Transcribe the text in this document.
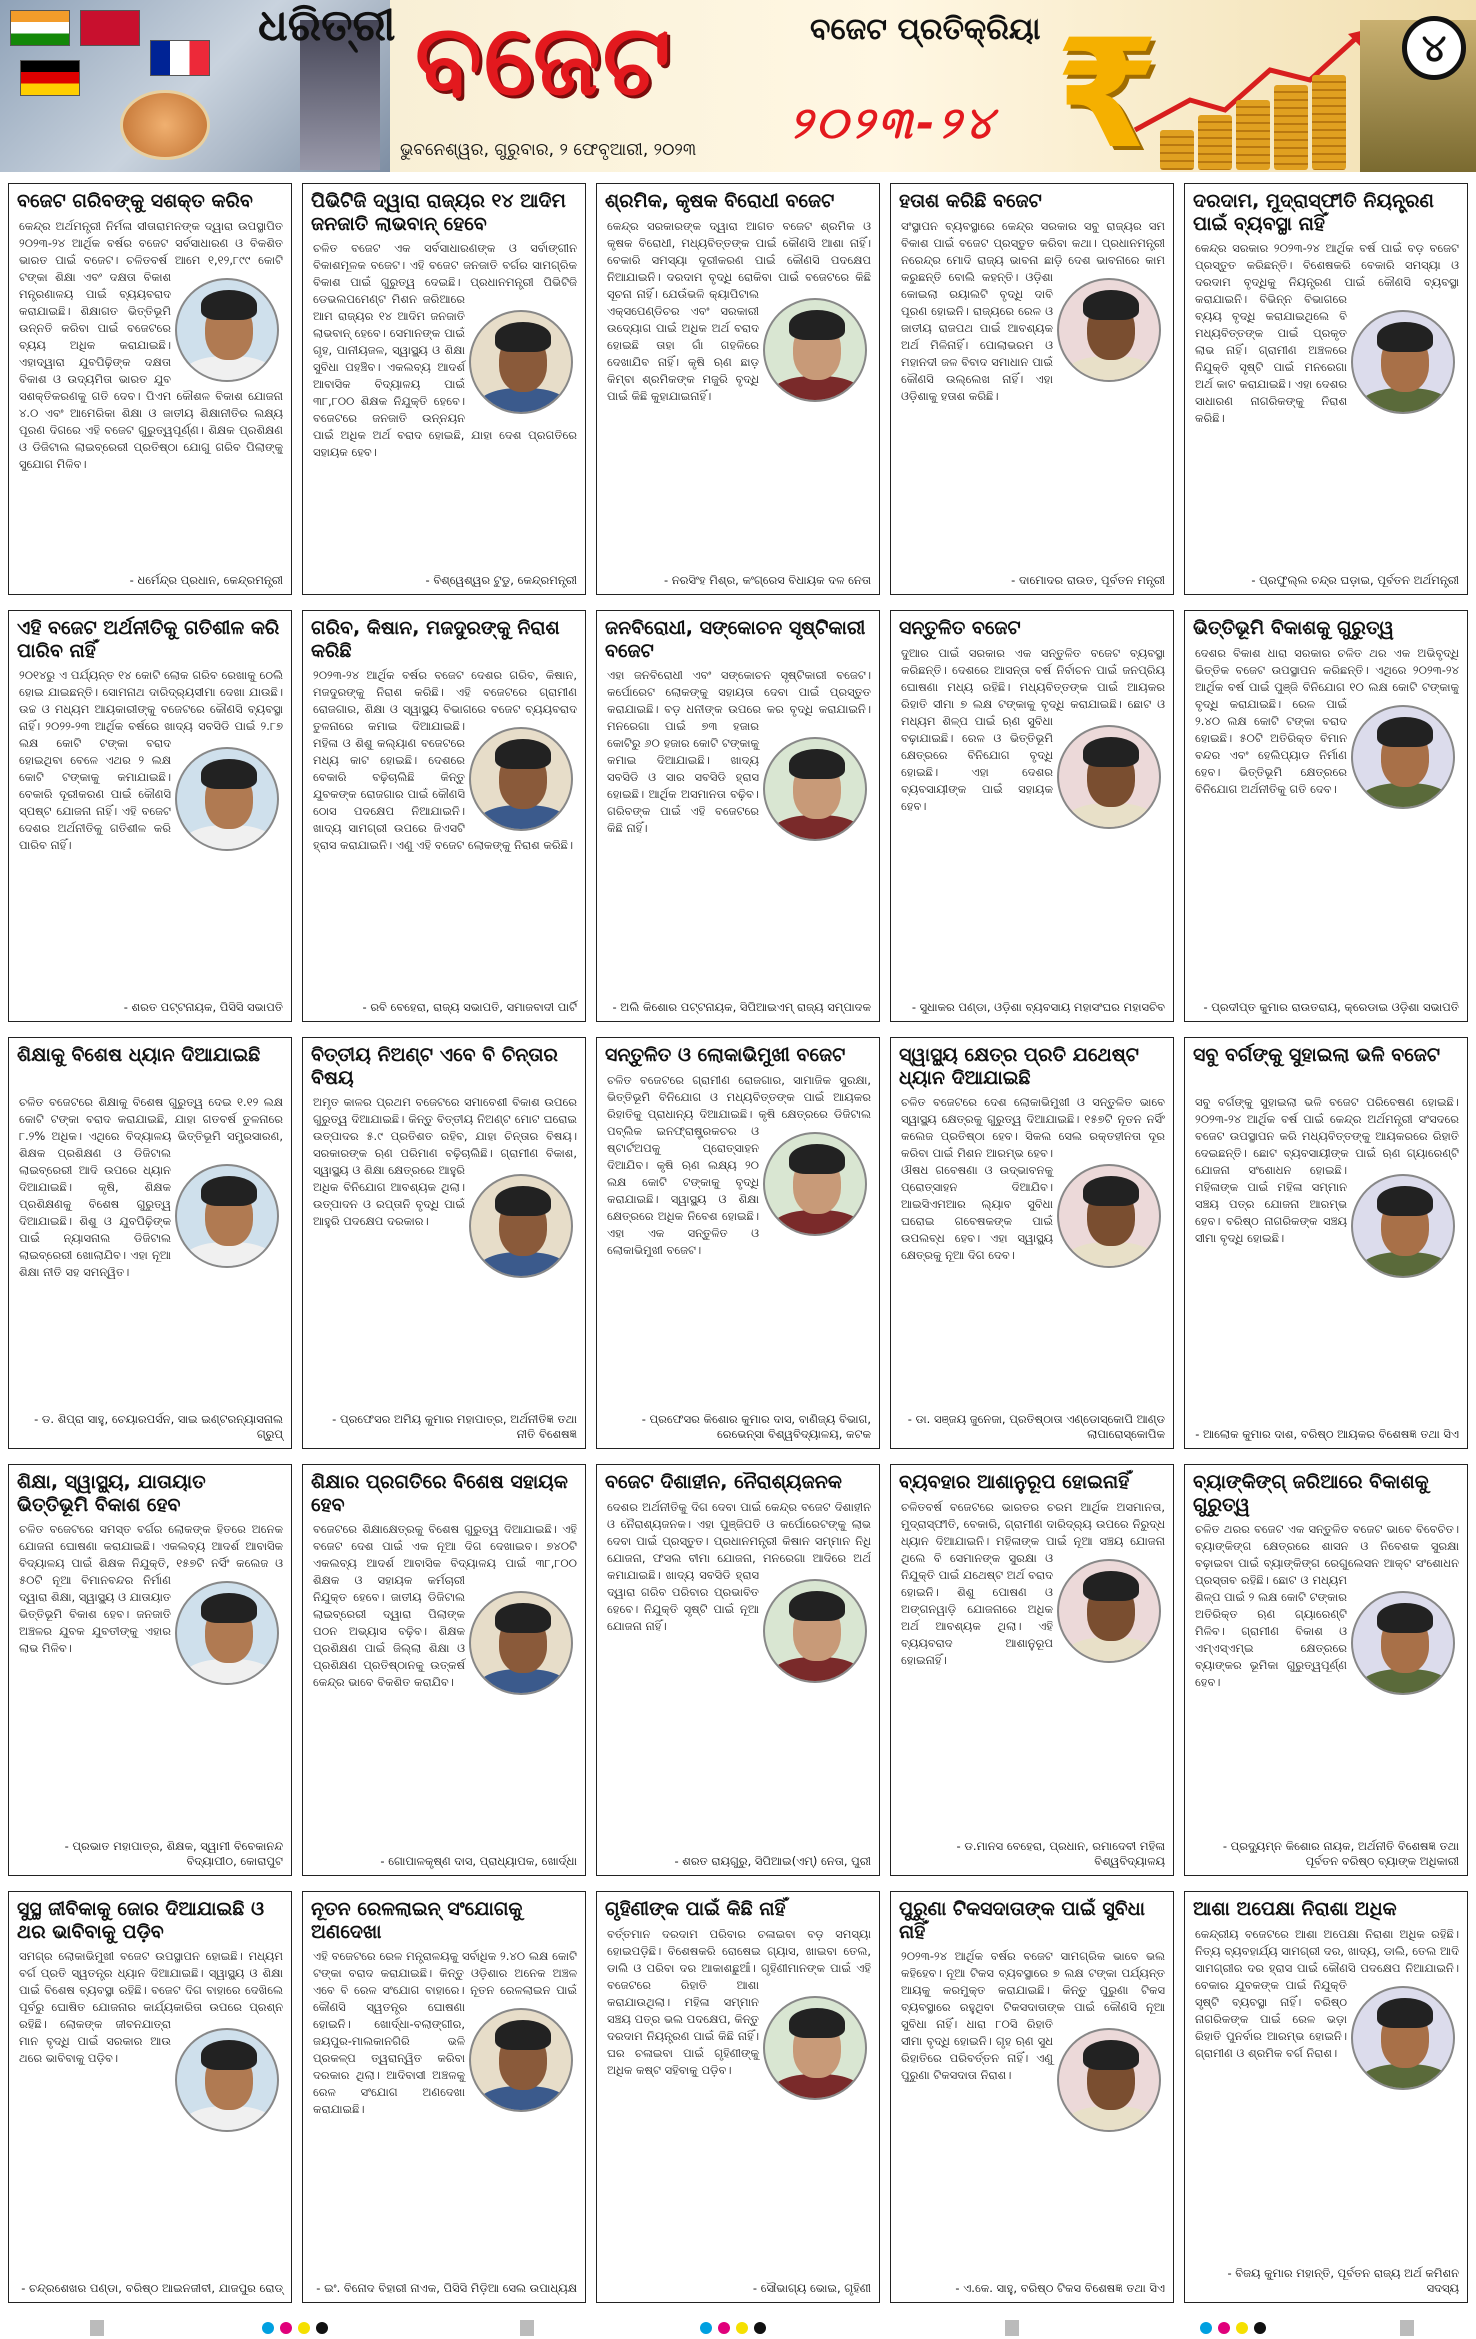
ଧରିତ୍ରୀ ବଜେଟ	ବଜେଟ ପ୍ରତିକ୍ରିୟା
୨୦୨୩-୨୪
ଭୁବନେଶ୍ୱର, ଗୁରୁବାର, ୨ ଫେବୃଆରୀ, ୨୦୨୩ ₹	୪
ବଜେଟ ଗରିବଙ୍କୁ ସଶକ୍ତ କରିବ
କେନ୍ଦ୍ର ଅର୍ଥମନ୍ତ୍ରୀ ନିର୍ମଳା ସୀତାରାମନଙ୍କ ଦ୍ୱାରା ଉପସ୍ଥାପିତ ୨୦୨୩-୨୪ ଆର୍ଥିକ ବର୍ଷର ବଜେଟ ସର୍ବସାଧାରଣ ଓ ବିକଶିତ ଭାରତ ପାଇଁ ବଜେଟ। ଚଳିତବର୍ଷ ଆମେ ୧,୧୨,୮୯୯ କୋଟି ଟଙ୍କା ଶିକ୍ଷା ଏବଂ ଦକ୍ଷତା ବିକାଶ ମନ୍ତ୍ରଣାଳୟ ପାଇଁ ବ୍ୟୟବରାଦ କରାଯାଇଛି। ଶିକ୍ଷାଗତ ଭିତ୍ତିଭୂମି ଉନ୍ନତି କରିବା ପାଇଁ ବଜେଟରେ ବ୍ୟୟ ଅଧିକ କରାଯାଇଛି। ଏହାଦ୍ୱାରା ଯୁବପିଢ଼ିଙ୍କ ଦକ୍ଷତା ବିକାଶ ଓ ଉଦ୍ୟମିତା ଭାରତ ଯୁବ ସଶକ୍ତିକରଣକୁ ଗତି ଦେବ। ପିଏମ କୌଶଳ ବିକାଶ ଯୋଜନା ୪.୦ ଏବଂ ଆମେରିକା ଶିକ୍ଷା ଓ ଜାତୀୟ ଶିକ୍ଷାନୀତିର ଲକ୍ଷ୍ୟ ପୂରଣ ଦିଗରେ ଏହି ବଜେଟ ଗୁରୁତ୍ୱପୂର୍ଣ୍ଣ। ଶିକ୍ଷକ ପ୍ରଶିକ୍ଷଣ ଓ ଡିଜିଟାଲ ଲାଇବ୍ରେରୀ ପ୍ରତିଷ୍ଠା ଯୋଗୁ ଗରିବ ପିଲାଙ୍କୁ ସୁଯୋଗ ମିଳିବ।
- ଧର୍ମେନ୍ଦ୍ର ପ୍ରଧାନ, କେନ୍ଦ୍ରମନ୍ତ୍ରୀ
ପିଭିଟିଜି ଦ୍ୱାରା ରାଜ୍ୟର ୧୪ ଆଦିମ ଜନଜାତି ଲାଭବାନ୍ ହେବେ
ଚଳିତ ବଜେଟ ଏକ ସର୍ବସାଧାରଣଙ୍କ ଓ ସର୍ବାଙ୍ଗୀନ ବିକାଶମୂଳକ ବଜେଟ। ଏହି ବଜେଟ ଜନଜାତି ବର୍ଗର ସାମଗ୍ରିକ ବିକାଶ ପାଇଁ ଗୁରୁତ୍ୱ ଦେଇଛି। ପ୍ରଧାନମନ୍ତ୍ରୀ ପିଭିଟିଜି ଡେଭଲପମେଣ୍ଟ ମିଶନ ଜରିଆରେ ଆମ ରାଜ୍ୟର ୧୪ ଆଦିମ ଜନଜାତି ଲାଭବାନ୍ ହେବେ। ସେମାନଙ୍କ ପାଇଁ ଗୃହ, ପାନୀୟଜଳ, ସ୍ୱାସ୍ଥ୍ୟ ଓ ଶିକ୍ଷା ସୁବିଧା ପହଞ୍ଚିବ। ଏକଲବ୍ୟ ଆଦର୍ଶ ଆବାସିକ ବିଦ୍ୟାଳୟ ପାଇଁ ୩୮,୮୦୦ ଶିକ୍ଷକ ନିଯୁକ୍ତି ହେବେ। ବଜେଟରେ ଜନଜାତି ଉନ୍ନୟନ ପାଇଁ ଅଧିକ ଅର୍ଥ ବରାଦ ହୋଇଛି, ଯାହା ଦେଶ ପ୍ରଗତିରେ ସହାୟକ ହେବ।
- ବିଶ୍ୱେଶ୍ୱର ଟୁଡୁ, କେନ୍ଦ୍ରମନ୍ତ୍ରୀ
ଶ୍ରମିକ, କୃଷକ ବିରୋଧୀ ବଜେଟ
କେନ୍ଦ୍ର ସରକାରଙ୍କ ଦ୍ୱାରା ଆଗତ ବଜେଟ ଶ୍ରମିକ ଓ କୃଷକ ବିରୋଧୀ, ମଧ୍ୟବିତ୍ତଙ୍କ ପାଇଁ କୌଣସି ଆଶା ନାହିଁ। ବେକାରି ସମସ୍ୟା ଦୂରୀକରଣ ପାଇଁ କୌଣସି ପଦକ୍ଷେପ ନିଆଯାଇନି। ଦରଦାମ ବୃଦ୍ଧି ରୋକିବା ପାଇଁ ବଜେଟରେ କିଛି ସୂଚନା ନାହିଁ। ଯେଉଁଭଳି କ୍ୟାପିଟାଲ ଏକ୍ସପେଣ୍ଡିଚର ଏବଂ ସରକାରୀ ଉଦ୍ୟୋଗ ପାଇଁ ଅଧିକ ଅର୍ଥ ବରାଦ ହୋଇଛି ତାହା ଗାଁ ଗହଳିରେ ଦେଖାଯିବ ନାହିଁ। କୃଷି ଋଣ ଛାଡ଼ କିମ୍ବା ଶ୍ରମିକଙ୍କ ମଜୁରି ବୃଦ୍ଧି ପାଇଁ କିଛି କୁହାଯାଇନାହିଁ।
- ନରସିଂହ ମିଶ୍ର, କଂଗ୍ରେସ ବିଧାୟକ ଦଳ ନେତା
ହତାଶ କରିଛି ବଜେଟ
ସଂସ୍ଥାପନ ବ୍ୟବସ୍ଥାରେ କେନ୍ଦ୍ର ସରକାର ସବୁ ରାଜ୍ୟର ସମ ବିକାଶ ପାଇଁ ବଜେଟ ପ୍ରସ୍ତୁତ କରିବା କଥା। ପ୍ରଧାନମନ୍ତ୍ରୀ ନରେନ୍ଦ୍ର ମୋଦି ରାଜ୍ୟ ଭାବନା ଛାଡ଼ି ଦେଶ ଭାବନାରେ କାମ କରୁଛନ୍ତି ବୋଲି କହନ୍ତି। ଓଡ଼ିଶା କୋଇଲା ରୟାଲଟି ବୃଦ୍ଧି ଦାବି ପୂରଣ ହୋଇନି। ରାଜ୍ୟରେ ରେଳ ଓ ଜାତୀୟ ରାଜପଥ ପାଇଁ ଆବଶ୍ୟକ ଅର୍ଥ ମିଳିନାହିଁ। ପୋଲାଭରମ ଓ ମହାନଦୀ ଜଳ ବିବାଦ ସମାଧାନ ପାଇଁ କୌଣସି ଉଲ୍ଲେଖ ନାହିଁ। ଏହା ଓଡ଼ିଶାକୁ ହତାଶ କରିଛି।
- ଦାମୋଦର ରାଉତ, ପୂର୍ବତନ ମନ୍ତ୍ରୀ
ଦରଦାମ, ମୁଦ୍ରାସ୍ଫୀତି ନିୟନ୍ତ୍ରଣ ପାଇଁ ବ୍ୟବସ୍ଥା ନାହିଁ
କେନ୍ଦ୍ର ସରକାର ୨୦୨୩-୨୪ ଆର୍ଥିକ ବର୍ଷ ପାଇଁ ବଡ଼ ବଜେଟ ପ୍ରସ୍ତୁତ କରିଛନ୍ତି। ବିଶେଷକରି ବେକାରି ସମସ୍ୟା ଓ ଦରଦାମ ବୃଦ୍ଧିକୁ ନିୟନ୍ତ୍ରଣ ପାଇଁ କୌଣସି ବ୍ୟବସ୍ଥା କରାଯାଇନି। ବିଭିନ୍ନ ବିଭାଗରେ ବ୍ୟୟ ବୃଦ୍ଧି କରାଯାଇଥିଲେ ବି ମଧ୍ୟବିତ୍ତଙ୍କ ପାଇଁ ପ୍ରକୃତ ଲାଭ ନାହିଁ। ଗ୍ରାମୀଣ ଅଞ୍ଚଳରେ ନିଯୁକ୍ତି ସୃଷ୍ଟି ପାଇଁ ମନରେଗା ଅର୍ଥ କାଟ କରାଯାଇଛି। ଏହା ଦେଶର ସାଧାରଣ ନାଗରିକଙ୍କୁ ନିରାଶ କରିଛି।
- ପ୍ରଫୁଲ୍ଲ ଚନ୍ଦ୍ର ଘଡ଼ାଇ, ପୂର୍ବତନ ଅର୍ଥମନ୍ତ୍ରୀ
ଏହି ବଜେଟ ଅର୍ଥନୀତିକୁ ଗତିଶୀଳ କରି ପାରିବ ନାହିଁ
୨୦୧୪ରୁ ଏ ପର୍ଯ୍ୟନ୍ତ ୧୪ କୋଟି ଲୋକ ଗରିବ ରେଖାକୁ ଠେଲି ହୋଇ ଯାଇଛନ୍ତି। ସୋମନାଥ ଦାରିଦ୍ର୍ୟସୀମା ଦେଖା ଯାଉଛି। ଉଚ୍ଚ ଓ ମଧ୍ୟମ ଆୟକାରୀଙ୍କୁ ବଜେଟରେ କୌଣସି ବ୍ୟବସ୍ଥା ନାହିଁ। ୨୦୨୨-୨୩ ଆର୍ଥିକ ବର୍ଷରେ ଖାଦ୍ୟ ସବସିଡି ପାଇଁ ୨.୮୭ ଲକ୍ଷ କୋଟି ଟଙ୍କା ବରାଦ ହୋଇଥିବା ବେଳେ ଏଥର ୨ ଲକ୍ଷ କୋଟି ଟଙ୍କାକୁ କମାଯାଇଛି। ବେକାରି ଦୂରୀକରଣ ପାଇଁ କୌଣସି ସ୍ପଷ୍ଟ ଯୋଜନା ନାହିଁ। ଏହି ବଜେଟ ଦେଶର ଅର୍ଥନୀତିକୁ ଗତିଶୀଳ କରି ପାରିବ ନାହିଁ।
- ଶରତ ପଟ୍ଟନାୟକ, ପିସିସି ସଭାପତି
ଗରିବ, କିଷାନ, ମଜଦୁରଙ୍କୁ ନିରାଶ କରିଛି
୨୦୨୩-୨୪ ଆର୍ଥିକ ବର୍ଷର ବଜେଟ ଦେଶର ଗରିବ, କିଷାନ, ମଜଦୁରଙ୍କୁ ନିରାଶ କରିଛି। ଏହି ବଜେଟରେ ଗ୍ରାମୀଣ ରୋଜଗାର, ଶିକ୍ଷା ଓ ସ୍ୱାସ୍ଥ୍ୟ ବିଭାଗରେ ବଜେଟ ବ୍ୟୟବରାଦ ତୁଳନାରେ କମାଇ ଦିଆଯାଇଛି। ମହିଳା ଓ ଶିଶୁ କଲ୍ୟାଣ ବଜେଟରେ ମଧ୍ୟ କାଟ ହୋଇଛି। ଦେଶରେ ବେକାରି ବଢ଼ିଚାଲିଛି କିନ୍ତୁ ଯୁବକଙ୍କ ରୋଜଗାର ପାଇଁ କୌଣସି ଠୋସ ପଦକ୍ଷେପ ନିଆଯାଇନି। ଖାଦ୍ୟ ସାମଗ୍ରୀ ଉପରେ ଜିଏସଟି ହ୍ରାସ କରାଯାଇନି। ଏଣୁ ଏହି ବଜେଟ ଲୋକଙ୍କୁ ନିରାଶ କରିଛି।
- ରବି ବେହେରା, ରାଜ୍ୟ ସଭାପତି, ସମାଜବାଦୀ ପାର୍ଟି
ଜନବିରୋଧୀ, ସଙ୍କୋଚନ ସୃଷ୍ଟିକାରୀ ବଜେଟ
ଏହା ଜନବିରୋଧୀ ଏବଂ ସଙ୍କୋଚନ ସୃଷ୍ଟିକାରୀ ବଜେଟ। କର୍ପୋରେଟ ଲୋକଙ୍କୁ ସହାୟତା ଦେବା ପାଇଁ ପ୍ରସ୍ତୁତ କରାଯାଇଛି। ବଡ଼ ଧନୀଙ୍କ ଉପରେ କର ବୃଦ୍ଧି କରାଯାଇନି। ମନରେଗା ପାଇଁ ୭୩ ହଜାର କୋଟିରୁ ୬୦ ହଜାର କୋଟି ଟଙ୍କାକୁ କମାଇ ଦିଆଯାଇଛି। ଖାଦ୍ୟ ସବସିଡି ଓ ସାର ସବସିଡି ହ୍ରାସ ହୋଇଛି। ଆର୍ଥିକ ଅସମାନତା ବଢ଼ିବ। ଗରିବଙ୍କ ପାଇଁ ଏହି ବଜେଟରେ କିଛି ନାହିଁ।
- ଅଲି କିଶୋର ପଟ୍ଟନାୟକ, ସିପିଆଇଏମ୍ ରାଜ୍ୟ ସମ୍ପାଦକ
ସନ୍ତୁଳିତ ବଜେଟ
ଦୁଆର ପାଇଁ ସରକାର ଏକ ସନ୍ତୁଳିତ ବଜେଟ ବ୍ୟବସ୍ଥା କରିଛନ୍ତି। ଦେଶରେ ଆସନ୍ତା ବର୍ଷ ନିର୍ବାଚନ ପାଇଁ ଜନପ୍ରିୟ ଘୋଷଣା ମଧ୍ୟ ରହିଛି। ମଧ୍ୟବିତ୍ତଙ୍କ ପାଇଁ ଆୟକର ରିହାତି ସୀମା ୭ ଲକ୍ଷ ଟଙ୍କାକୁ ବୃଦ୍ଧି କରାଯାଇଛି। ଛୋଟ ଓ ମଧ୍ୟମ ଶିଳ୍ପ ପାଇଁ ଋଣ ସୁବିଧା ବଢ଼ାଯାଇଛି। ରେଳ ଓ ଭିତ୍ତିଭୂମି କ୍ଷେତ୍ରରେ ବିନିଯୋଗ ବୃଦ୍ଧି ହୋଇଛି। ଏହା ଦେଶର ବ୍ୟବସାୟୀଙ୍କ ପାଇଁ ସହାୟକ ହେବ।
- ସୁଧାକର ପଣ୍ଡା, ଓଡ଼ିଶା ବ୍ୟବସାୟ ମହାସଂଘର ମହାସଚିବ
ଭିତ୍ତିଭୂମି ବିକାଶକୁ ଗୁରୁତ୍ୱ
ଦେଶର ବିକାଶ ଧାରା ସରକାର ଚଳିତ ଥର ଏକ ଅଭିବୃଦ୍ଧି ଭିତ୍ତିକ ବଜେଟ ଉପସ୍ଥାପନ କରିଛନ୍ତି। ଏଥିରେ ୨୦୨୩-୨୪ ଆର୍ଥିକ ବର୍ଷ ପାଇଁ ପୁଞ୍ଜି ବିନିଯୋଗ ୧୦ ଲକ୍ଷ କୋଟି ଟଙ୍କାକୁ ବୃଦ୍ଧି କରାଯାଇଛି। ରେଳ ପାଇଁ ୨.୪୦ ଲକ୍ଷ କୋଟି ଟଙ୍କା ବରାଦ ହୋଇଛି। ୫୦ଟି ଅତିରିକ୍ତ ବିମାନ ବନ୍ଦର ଏବଂ ହେଲିପ୍ୟାଡ ନିର୍ମାଣ ହେବ। ଭିତ୍ତିଭୂମି କ୍ଷେତ୍ରରେ ବିନିଯୋଗ ଅର୍ଥନୀତିକୁ ଗତି ଦେବ।
- ପ୍ରଦୀପ୍ତ କୁମାର ରାଉତରାୟ, କ୍ରେଡାଇ ଓଡ଼ିଶା ସଭାପତି
ଶିକ୍ଷାକୁ ବିଶେଷ ଧ୍ୟାନ ଦିଆଯାଇଛି
ଚଳିତ ବଜେଟରେ ଶିକ୍ଷାକୁ ବିଶେଷ ଗୁରୁତ୍ୱ ଦେଇ ୧.୧୨ ଲକ୍ଷ କୋଟି ଟଙ୍କା ବରାଦ କରାଯାଇଛି, ଯାହା ଗତବର୍ଷ ତୁଳନାରେ ୮.୨% ଅଧିକ। ଏଥିରେ ବିଦ୍ୟାଳୟ ଭିତ୍ତିଭୂମି ସମ୍ପ୍ରସାରଣ, ଶିକ୍ଷକ ପ୍ରଶିକ୍ଷଣ ଓ ଡିଜିଟାଲ ଲାଇବ୍ରେରୀ ଆଦି ଉପରେ ଧ୍ୟାନ ଦିଆଯାଇଛି। କୃଷି, ଶିକ୍ଷକ ପ୍ରଶିକ୍ଷଣକୁ ବିଶେଷ ଗୁରୁତ୍ୱ ଦିଆଯାଇଛି। ଶିଶୁ ଓ ଯୁବପିଢ଼ିଙ୍କ ପାଇଁ ନ୍ୟାସନାଲ ଡିଜିଟାଲ ଲାଇବ୍ରେରୀ ଖୋଲାଯିବ। ଏହା ନୂଆ ଶିକ୍ଷା ନୀତି ସହ ସମନ୍ୱିତ।
- ଡ. ଶିପ୍ରା ସାହୁ, ଚେୟାରପର୍ସନ, ସାଇ ଇଣ୍ଟରନ୍ୟାସନାଲ ଗ୍ରୁପ୍
ବିତ୍ତୀୟ ନିଅଣ୍ଟ ଏବେ ବି ଚିନ୍ତାର ବିଷୟ
ଅମୃତ କାଳର ପ୍ରଥମ ବଜେଟରେ ସମାବେଶୀ ବିକାଶ ଉପରେ ଗୁରୁତ୍ୱ ଦିଆଯାଇଛି। କିନ୍ତୁ ବିତ୍ତୀୟ ନିଅଣ୍ଟ ମୋଟ ଘରୋଇ ଉତ୍ପାଦର ୫.୯ ପ୍ରତିଶତ ରହିବ, ଯାହା ଚିନ୍ତାର ବିଷୟ। ସରକାରଙ୍କ ଋଣ ପରିମାଣ ବଢ଼ିଚାଲିଛି। ଗ୍ରାମୀଣ ବିକାଶ, ସ୍ୱାସ୍ଥ୍ୟ ଓ ଶିକ୍ଷା କ୍ଷେତ୍ରରେ ଆହୁରି ଅଧିକ ବିନିଯୋଗ ଆବଶ୍ୟକ ଥିଲା। ଉତ୍ପାଦନ ଓ ରପ୍ତାନି ବୃଦ୍ଧି ପାଇଁ ଆହୁରି ପଦକ୍ଷେପ ଦରକାର।
- ପ୍ରଫେସର ଅମିୟ କୁମାର ମହାପାତ୍ର, ଅର୍ଥନୀତିଜ୍ଞ ତଥା ନୀତି ବିଶେଷଜ୍ଞ
ସନ୍ତୁଳିତ ଓ ଲୋକାଭିମୁଖୀ ବଜେଟ
ଚଳିତ ବଜେଟରେ ଗ୍ରାମୀଣ ରୋଜଗାର, ସାମାଜିକ ସୁରକ୍ଷା, ଭିତ୍ତିଭୂମି ବିନିଯୋଗ ଓ ମଧ୍ୟବିତ୍ତଙ୍କ ପାଇଁ ଆୟକର ରିହାତିକୁ ପ୍ରାଧାନ୍ୟ ଦିଆଯାଇଛି। କୃଷି କ୍ଷେତ୍ରରେ ଡିଜିଟାଲ ପବ୍ଲିକ ଇନଫ୍ରାଷ୍ଟ୍ରକଚର ଓ ଷ୍ଟାର୍ଟଅପକୁ ପ୍ରୋତ୍ସାହନ ଦିଆଯିବ। କୃଷି ଋଣ ଲକ୍ଷ୍ୟ ୨୦ ଲକ୍ଷ କୋଟି ଟଙ୍କାକୁ ବୃଦ୍ଧି କରାଯାଇଛି। ସ୍ୱାସ୍ଥ୍ୟ ଓ ଶିକ୍ଷା କ୍ଷେତ୍ରରେ ଅଧିକ ନିବେଶ ହୋଇଛି। ଏହା ଏକ ସନ୍ତୁଳିତ ଓ ଲୋକାଭିମୁଖୀ ବଜେଟ।
- ପ୍ରଫେସର କିଶୋର କୁମାର ଦାସ, ବାଣିଜ୍ୟ ବିଭାଗ, ରେଭେନ୍ସା ବିଶ୍ୱବିଦ୍ୟାଳୟ, କଟକ
ସ୍ୱାସ୍ଥ୍ୟ କ୍ଷେତ୍ର ପ୍ରତି ଯଥେଷ୍ଟ ଧ୍ୟାନ ଦିଆଯାଇଛି
ଚଳିତ ବଜେଟରେ ଦେଶ ଲୋକାଭିମୁଖୀ ଓ ସନ୍ତୁଳିତ ଭାବେ ସ୍ୱାସ୍ଥ୍ୟ କ୍ଷେତ୍ରକୁ ଗୁରୁତ୍ୱ ଦିଆଯାଇଛି। ୧୫୭ଟି ନୂତନ ନର୍ସିଂ କଲେଜ ପ୍ରତିଷ୍ଠା ହେବ। ସିକଲ ସେଲ ରକ୍ତହୀନତା ଦୂର କରିବା ପାଇଁ ମିଶନ ଆରମ୍ଭ ହେବ। ଔଷଧ ଗବେଷଣା ଓ ଉଦ୍ଭାବନକୁ ପ୍ରୋତ୍ସାହନ ଦିଆଯିବ। ଆଇସିଏମଆର ଲ୍ୟାବ ସୁବିଧା ଘରୋଇ ଗବେଷକଙ୍କ ପାଇଁ ଉପଲବ୍ଧ ହେବ। ଏହା ସ୍ୱାସ୍ଥ୍ୟ କ୍ଷେତ୍ରକୁ ନୂଆ ଦିଗ ଦେବ।
- ଡା. ସଞ୍ଜୟ ଜୁନେଜା, ପ୍ରତିଷ୍ଠାତା ଏଣ୍ଡୋସ୍କୋପି ଆଣ୍ଡ ଲାପାରୋସ୍କୋପିକ
ସବୁ ବର୍ଗଙ୍କୁ ସୁହାଇଲା ଭଳି ବଜେଟ
ସବୁ ବର୍ଗଙ୍କୁ ସୁହାଇଲା ଭଳି ବଜେଟ ପରିବେଷଣ ହୋଇଛି। ୨୦୨୩-୨୪ ଆର୍ଥିକ ବର୍ଷ ପାଇଁ କେନ୍ଦ୍ର ଅର୍ଥମନ୍ତ୍ରୀ ସଂସଦରେ ବଜେଟ ଉପସ୍ଥାପନ କରି ମଧ୍ୟବିତ୍ତଙ୍କୁ ଆୟକରରେ ରିହାତି ଦେଇଛନ୍ତି। ଛୋଟ ବ୍ୟବସାୟୀଙ୍କ ପାଇଁ ଋଣ ଗ୍ୟାରେଣ୍ଟି ଯୋଜନା ସଂଶୋଧନ ହୋଇଛି। ମହିଳାଙ୍କ ପାଇଁ ମହିଳା ସମ୍ମାନ ସଞ୍ଚୟ ପତ୍ର ଯୋଜନା ଆରମ୍ଭ ହେବ। ବରିଷ୍ଠ ନାଗରିକଙ୍କ ସଞ୍ଚୟ ସୀମା ବୃଦ୍ଧି ହୋଇଛି।
- ଆଲୋକ କୁମାର ଦାଶ, ବରିଷ୍ଠ ଆୟକର ବିଶେଷଜ୍ଞ ତଥା ସିଏ
ଶିକ୍ଷା, ସ୍ୱାସ୍ଥ୍ୟ, ଯାତାୟାତ ଭିତ୍ତିଭୂମି ବିକାଶ ହେବ
ଚଳିତ ବଜେଟରେ ସମସ୍ତ ବର୍ଗର ଲୋକଙ୍କ ହିତରେ ଅନେକ ଯୋଜନା ଘୋଷଣା କରାଯାଇଛି। ଏକଲବ୍ୟ ଆଦର୍ଶ ଆବାସିକ ବିଦ୍ୟାଳୟ ପାଇଁ ଶିକ୍ଷକ ନିଯୁକ୍ତି, ୧୫୭ଟି ନର୍ସିଂ କଲେଜ ଓ ୫୦ଟି ନୂଆ ବିମାନବନ୍ଦର ନିର୍ମାଣ ଦ୍ୱାରା ଶିକ୍ଷା, ସ୍ୱାସ୍ଥ୍ୟ ଓ ଯାତାୟାତ ଭିତ୍ତିଭୂମି ବିକାଶ ହେବ। ଜନଜାତି ଅଞ୍ଚଳର ଯୁବକ ଯୁବତୀଙ୍କୁ ଏହାର ଲାଭ ମିଳିବ।
- ପ୍ରଭାତ ମହାପାତ୍ର, ଶିକ୍ଷକ, ସ୍ୱାମୀ ବିବେକାନନ୍ଦ ବିଦ୍ୟାପୀଠ, କୋରାପୁଟ
ଶିକ୍ଷାର ପ୍ରଗତିରେ ବିଶେଷ ସହାୟକ ହେବ
ବଜେଟରେ ଶିକ୍ଷାକ୍ଷେତ୍ରକୁ ବିଶେଷ ଗୁରୁତ୍ୱ ଦିଆଯାଇଛି। ଏହି ବଜେଟ ଦେଶ ପାଇଁ ଏକ ନୂଆ ଦିଗ ଦେଖାଇବ। ୭୪୦ଟି ଏକଲବ୍ୟ ଆଦର୍ଶ ଆବାସିକ ବିଦ୍ୟାଳୟ ପାଇଁ ୩୮,୮୦୦ ଶିକ୍ଷକ ଓ ସହାୟକ କର୍ମଚାରୀ ନିଯୁକ୍ତ ହେବେ। ଜାତୀୟ ଡିଜିଟାଲ ଲାଇବ୍ରେରୀ ଦ୍ୱାରା ପିଲାଙ୍କ ପଠନ ଅଭ୍ୟାସ ବଢ଼ିବ। ଶିକ୍ଷକ ପ୍ରଶିକ୍ଷଣ ପାଇଁ ଜିଲ୍ଲା ଶିକ୍ଷା ଓ ପ୍ରଶିକ୍ଷଣ ପ୍ରତିଷ୍ଠାନକୁ ଉତ୍କର୍ଷ କେନ୍ଦ୍ର ଭାବେ ବିକଶିତ କରାଯିବ।
- ଗୋପାଳକୃଷ୍ଣ ଦାସ, ପ୍ରାଧ୍ୟାପକ, ଖୋର୍ଦ୍ଧା
ବଜେଟ ଦିଶାହୀନ, ନୈରାଶ୍ୟଜନକ
ଦେଶର ଅର୍ଥନୀତିକୁ ଦିଗ ଦେବା ପାଇଁ କେନ୍ଦ୍ର ବଜେଟ ଦିଶାହୀନ ଓ ନୈରାଶ୍ୟଜନକ। ଏହା ପୁଞ୍ଜିପତି ଓ କର୍ପୋରେଟଙ୍କୁ ଲାଭ ଦେବା ପାଇଁ ପ୍ରସ୍ତୁତ। ପ୍ରଧାନମନ୍ତ୍ରୀ କିଷାନ ସମ୍ମାନ ନିଧି ଯୋଜନା, ଫସଲ ବୀମା ଯୋଜନା, ମନରେଗା ଆଦିରେ ଅର୍ଥ କମାଯାଇଛି। ଖାଦ୍ୟ ସବସିଡି ହ୍ରାସ ଦ୍ୱାରା ଗରିବ ପରିବାର ପ୍ରଭାବିତ ହେବେ। ନିଯୁକ୍ତି ସୃଷ୍ଟି ପାଇଁ ନୂଆ ଯୋଜନା ନାହିଁ।
- ଶରତ ରାୟଗୁରୁ, ସିପିଆଇ(ଏମ୍) ନେତା, ପୁରୀ
ବ୍ୟବହାର ଆଶାନୁରୂପ ହୋଇନାହିଁ
ଚଳିତବର୍ଷ ବଜେଟରେ ଭାରତର ଚରମ ଆର୍ଥିକ ଅସମାନତା, ମୁଦ୍ରାସ୍ଫୀତି, ବେକାରି, ଗ୍ରାମୀଣ ଦାରିଦ୍ର୍ୟ ଉପରେ ନିରୁଦ୍ଧ ଧ୍ୟାନ ଦିଆଯାଇନି। ମହିଳାଙ୍କ ପାଇଁ ନୂଆ ସଞ୍ଚୟ ଯୋଜନା ଥିଲେ ବି ସେମାନଙ୍କ ସୁରକ୍ଷା ଓ ନିଯୁକ୍ତି ପାଇଁ ଯଥେଷ୍ଟ ଅର୍ଥ ବରାଦ ହୋଇନି। ଶିଶୁ ପୋଷଣ ଓ ଅଙ୍ଗନୱାଡ଼ି ଯୋଜନାରେ ଅଧିକ ଅର୍ଥ ଆବଶ୍ୟକ ଥିଲା। ଏହି ବ୍ୟୟବରାଦ ଆଶାନୁରୂପ ହୋଇନାହିଁ।
- ଡ.ମାନସ ବେହେରା, ପ୍ରଧାନ, ରମାଦେବୀ ମହିଳା ବିଶ୍ୱବିଦ୍ୟାଳୟ
ବ୍ୟାଙ୍କିଙ୍ଗ୍ ଜରିଆରେ ବିକାଶକୁ ଗୁରୁତ୍ୱ
ଚଳିତ ଥରର ବଜେଟ ଏକ ସନ୍ତୁଳିତ ବଜେଟ ଭାବେ ବିବେଚିତ। ବ୍ୟାଙ୍କିଙ୍ଗ କ୍ଷେତ୍ରରେ ଶାସନ ଓ ନିବେଶକ ସୁରକ୍ଷା ବଢ଼ାଇବା ପାଇଁ ବ୍ୟାଙ୍କିଙ୍ଗ ରେଗୁଲେସନ ଆକ୍ଟ ସଂଶୋଧନ ପ୍ରସ୍ତାବ ରହିଛି। ଛୋଟ ଓ ମଧ୍ୟମ ଶିଳ୍ପ ପାଇଁ ୨ ଲକ୍ଷ କୋଟି ଟଙ୍କାର ଅତିରିକ୍ତ ଋଣ ଗ୍ୟାରେଣ୍ଟି ମିଳିବ। ଗ୍ରାମୀଣ ବିକାଶ ଓ ଏମ୍ଏସ୍ଏମ୍ଇ କ୍ଷେତ୍ରରେ ବ୍ୟାଙ୍କର ଭୂମିକା ଗୁରୁତ୍ୱପୂର୍ଣ୍ଣ ହେବ।
- ପ୍ରଦ୍ୟୁମ୍ନ କିଶୋର ନାୟକ, ଅର୍ଥନୀତି ବିଶେଷଜ୍ଞ ତଥା ପୂର୍ବତନ ବରିଷ୍ଠ ବ୍ୟାଙ୍କ ଅଧିକାରୀ
ସୁସ୍ଥ ଜୀବିକାକୁ ଜୋର ଦିଆଯାଇଛି ଓ ଥର ଭାବିବାକୁ ପଡ଼ିବ
ସମଗ୍ର ଲୋକାଭିମୁଖୀ ବଜେଟ ଉପସ୍ଥାପନ ହୋଇଛି। ମଧ୍ୟମ ବର୍ଗ ପ୍ରତି ସ୍ୱତନ୍ତ୍ର ଧ୍ୟାନ ଦିଆଯାଇଛି। ସ୍ୱାସ୍ଥ୍ୟ ଓ ଶିକ୍ଷା ପାଇଁ ବିଶେଷ ବ୍ୟବସ୍ଥା ରହିଛି। ବଜେଟ ଦିଗ ବାହାରେ ଦେଖିଲେ ପୂର୍ବରୁ ଘୋଷିତ ଯୋଜନାର କାର୍ଯ୍ୟକାରିତା ଉପରେ ପ୍ରଶ୍ନ ରହିଛି। ଲୋକଙ୍କ ଜୀବନଯାତ୍ରା ମାନ ବୃଦ୍ଧି ପାଇଁ ସରକାର ଆଉ ଥରେ ଭାବିବାକୁ ପଡ଼ିବ।
- ଚନ୍ଦ୍ରଶେଖର ପଣ୍ଡା, ବରିଷ୍ଠ ଆଇନଜୀବୀ, ଯାଜପୁର ରୋଡ୍
ନୂତନ ରେଳଲାଇନ୍ ସଂଯୋଗକୁ ଅଣଦେଖା
ଏହି ବଜେଟରେ ରେଳ ମନ୍ତ୍ରାଳୟକୁ ସର୍ବାଧିକ ୨.୪୦ ଲକ୍ଷ କୋଟି ଟଙ୍କା ବରାଦ କରାଯାଇଛି। କିନ୍ତୁ ଓଡ଼ିଶାର ଅନେକ ଅଞ୍ଚଳ ଏବେ ବି ରେଳ ସଂଯୋଗ ବାହାରେ। ନୂତନ ରେଳଲାଇନ ପାଇଁ କୌଣସି ସ୍ୱତନ୍ତ୍ର ଘୋଷଣା ହୋଇନି। ଖୋର୍ଦ୍ଧା-ବଲାଙ୍ଗୀର, ଜୟପୁର-ମାଲକାନଗିରି ଭଳି ପ୍ରକଳ୍ପ ତ୍ୱରାନ୍ୱିତ କରିବା ଦରକାର ଥିଲା। ଆଦିବାସୀ ଅଞ୍ଚଳକୁ ରେଳ ସଂଯୋଗ ଅଣଦେଖା କରାଯାଇଛି।
- ଇଂ. ବିନୋଦ ବିହାରୀ ନାଏକ, ପିସିସି ମିଡ଼ିଆ ସେଲ ଉପାଧ୍ୟକ୍ଷ
ଗୃହିଣୀଙ୍କ ପାଇଁ କିଛି ନାହିଁ
ବର୍ତ୍ତମାନ ଦରଦାମ ପରିବାର ଚଳାଇବା ବଡ଼ ସମସ୍ୟା ହୋଇପଡ଼ିଛି। ବିଶେଷକରି ରୋଷେଇ ଗ୍ୟାସ, ଖାଇବା ତେଲ, ଡାଲି ଓ ପରିବା ଦର ଆକାଶଛୁଆଁ। ଗୃହିଣୀମାନଙ୍କ ପାଇଁ ଏହି ବଜେଟରେ ରିହାତି ଆଶା କରାଯାଉଥିଲା। ମହିଳା ସମ୍ମାନ ସଞ୍ଚୟ ପତ୍ର ଭଲ ପଦକ୍ଷେପ, କିନ୍ତୁ ଦରଦାମ ନିୟନ୍ତ୍ରଣ ପାଇଁ କିଛି ନାହିଁ। ଘର ଚଳାଇବା ପାଇଁ ଗୃହିଣୀଙ୍କୁ ଅଧିକ କଷ୍ଟ ସହିବାକୁ ପଡ଼ିବ।
- ସୌଭାଗ୍ୟ ଭୋଇ, ଗୃହିଣୀ
ପୁରୁଣା ଟିକସଦାତାଙ୍କ ପାଇଁ ସୁବିଧା ନାହିଁ
୨୦୨୩-୨୪ ଆର୍ଥିକ ବର୍ଷର ବଜେଟ ସାମଗ୍ରିକ ଭାବେ ଭଲ କହିହେବ। ନୂଆ ଟିକସ ବ୍ୟବସ୍ଥାରେ ୭ ଲକ୍ଷ ଟଙ୍କା ପର୍ଯ୍ୟନ୍ତ ଆୟକୁ କରମୁକ୍ତ କରାଯାଇଛି। କିନ୍ତୁ ପୁରୁଣା ଟିକସ ବ୍ୟବସ୍ଥାରେ ରହୁଥିବା ଟିକସଦାତାଙ୍କ ପାଇଁ କୌଣସି ନୂଆ ସୁବିଧା ନାହିଁ। ଧାରା ୮୦ସି ରିହାତି ସୀମା ବୃଦ୍ଧି ହୋଇନି। ଗୃହ ଋଣ ସୁଧ ରିହାତିରେ ପରିବର୍ତ୍ତନ ନାହିଁ। ଏଣୁ ପୁରୁଣା ଟିକସଦାତା ନିରାଶ।
- ଏ.କେ. ସାହୁ, ବରିଷ୍ଠ ଟିକସ ବିଶେଷଜ୍ଞ ତଥା ସିଏ
ଆଶା ଅପେକ୍ଷା ନିରାଶା ଅଧିକ
କେନ୍ଦ୍ରୀୟ ବଜେଟରେ ଆଶା ଅପେକ୍ଷା ନିରାଶା ଅଧିକ ରହିଛି। ନିତ୍ୟ ବ୍ୟବହାର୍ଯ୍ୟ ସାମଗ୍ରୀ ଦର, ଖାଦ୍ୟ, ଡାଲି, ତେଲ ଆଦି ସାମଗ୍ରୀର ଦର ହ୍ରାସ ପାଇଁ କୌଣସି ପଦକ୍ଷେପ ନିଆଯାଇନି। ବେକାର ଯୁବକଙ୍କ ପାଇଁ ନିଯୁକ୍ତି ସୃଷ୍ଟି ବ୍ୟବସ୍ଥା ନାହିଁ। ବରିଷ୍ଠ ନାଗରିକଙ୍କ ପାଇଁ ରେଳ ଭଡ଼ା ରିହାତି ପୁନର୍ବାର ଆରମ୍ଭ ହୋଇନି। ଗ୍ରାମୀଣ ଓ ଶ୍ରମିକ ବର୍ଗ ନିରାଶ।
- ବିଜୟ କୁମାର ମହାନ୍ତି, ପୂର୍ବତନ ରାଜ୍ୟ ଅର୍ଥ କମିଶନ ସଦସ୍ୟ
